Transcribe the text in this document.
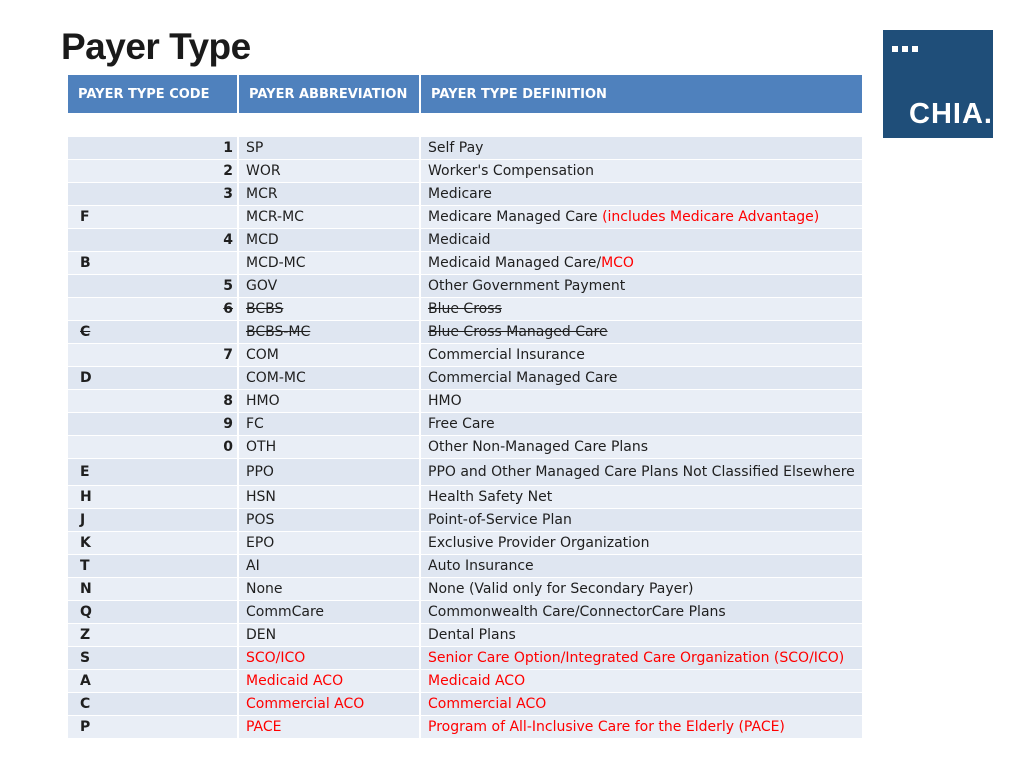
Payer Type
CHIA.
PAYER TYPE CODE	PAYER ABBREVIATION	PAYER TYPE DEFINITION

1	SP	Self Pay
2	WOR	Worker's Compensation
3	MCR	Medicare
F	MCR-MC	Medicare Managed Care (includes Medicare Advantage)
4	MCD	Medicaid
B	MCD-MC	Medicaid Managed Care/MCO
5	GOV	Other Government Payment
6	BCBS	Blue Cross
C	BCBS-MC	Blue Cross Managed Care
7	COM	Commercial Insurance
D	COM-MC	Commercial Managed Care
8	HMO	HMO
9	FC	Free Care
0	OTH	Other Non-Managed Care Plans
E	PPO	PPO and Other Managed Care Plans Not Classified Elsewhere
H	HSN	Health Safety Net
J	POS	Point-of-Service Plan
K	EPO	Exclusive Provider Organization
T	AI	Auto Insurance
N	None	None (Valid only for Secondary Payer)
Q	CommCare	Commonwealth Care/ConnectorCare Plans
Z	DEN	Dental Plans
S	SCO/ICO	Senior Care Option/Integrated Care Organization (SCO/ICO)
A	Medicaid ACO	Medicaid ACO
C	Commercial ACO	Commercial ACO
P	PACE	Program of All-Inclusive Care for the Elderly (PACE)
